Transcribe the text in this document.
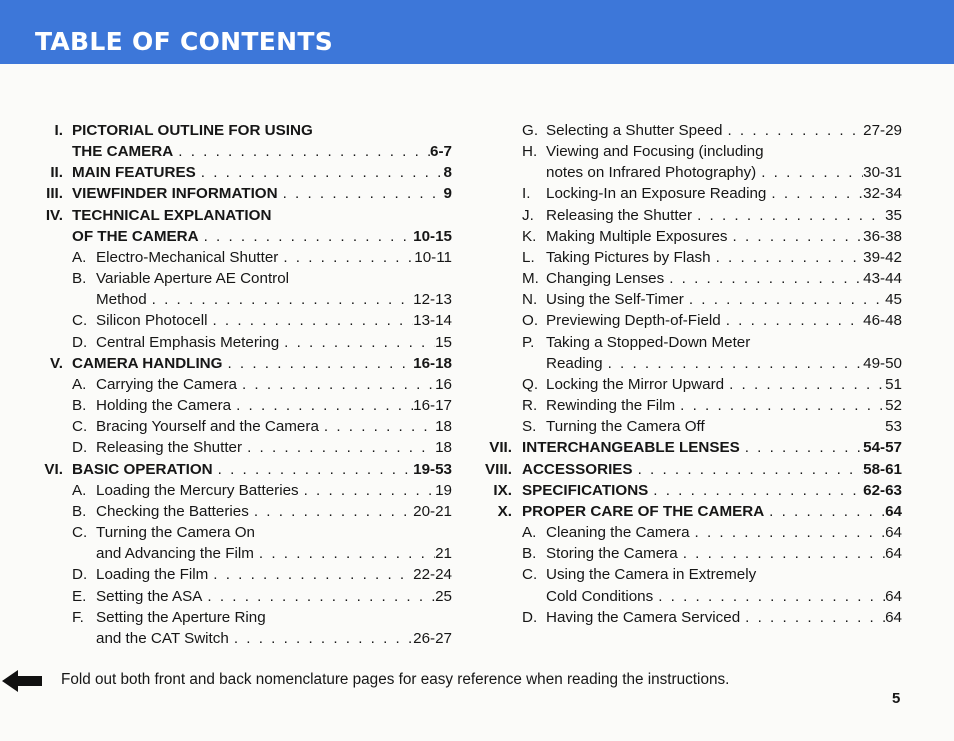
TABLE OF CONTENTS
I. PICTORIAL OUTLINE FOR USING
THE CAMERA . . .	6-7
II. MAIN FEATURES . . .	8
III. VIEWFINDER INFORMATION . . .	9
IV. TECHNICAL EXPLANATION
OF THE CAMERA . . .	10-15
A. Electro-Mechanical Shutter . . .	10-11
B. Variable Aperture AE Control
Method . . .	12-13
C. Silicon Photocell . . .	13-14
D. Central Emphasis Metering . . .	15
V. CAMERA HANDLING . . .	16-18
A. Carrying the Camera . . .	16
B. Holding the Camera . . .	16-17
C. Bracing Yourself and the Camera . . .	18
D. Releasing the Shutter . . .	18
VI. BASIC OPERATION . . .	19-53
A. Loading the Mercury Batteries . . .	19
B. Checking the Batteries . . .	20-21
C. Turning the Camera On
and Advancing the Film . . .	21
D. Loading the Film . . .	22-24
E. Setting the ASA . . .	25
F. Setting the Aperture Ring
and the CAT Switch . . .	26-27
G. Selecting a Shutter Speed . . .	27-29
H. Viewing and Focusing (including
notes on Infrared Photography) . . .	30-31
I.	Locking-In an Exposure Reading . . .	32-34
J. Releasing the Shutter . . .	35
K. Making Multiple Exposures . . .	36-38
L. Taking Pictures by Flash . . .	39-42
M. Changing Lenses . . .	43-44
N. Using the Self-Timer . . .	45
O. Previewing Depth-of-Field . . .	46-48
P. Taking a Stopped-Down Meter
Reading . . .	49-50
Q. Locking the Mirror Upward . . .	51
R. Rewinding the Film . . .	52
S. Turning the Camera Off	53
VII. INTERCHANGEABLE LENSES . . .	54-57
VIII. ACCESSORIES . . .	58-61
IX. SPECIFICATIONS . . .	62-63
X. PROPER CARE OF THE CAMERA . . .	64
A. Cleaning the Camera . . .	64
B. Storing the Camera . . .	64
C. Using the Camera in Extremely
Cold Conditions . . .	64
D. Having the Camera Serviced . . .	64
Fold out both front and back nomenclature pages for easy reference when reading the instructions.
5
